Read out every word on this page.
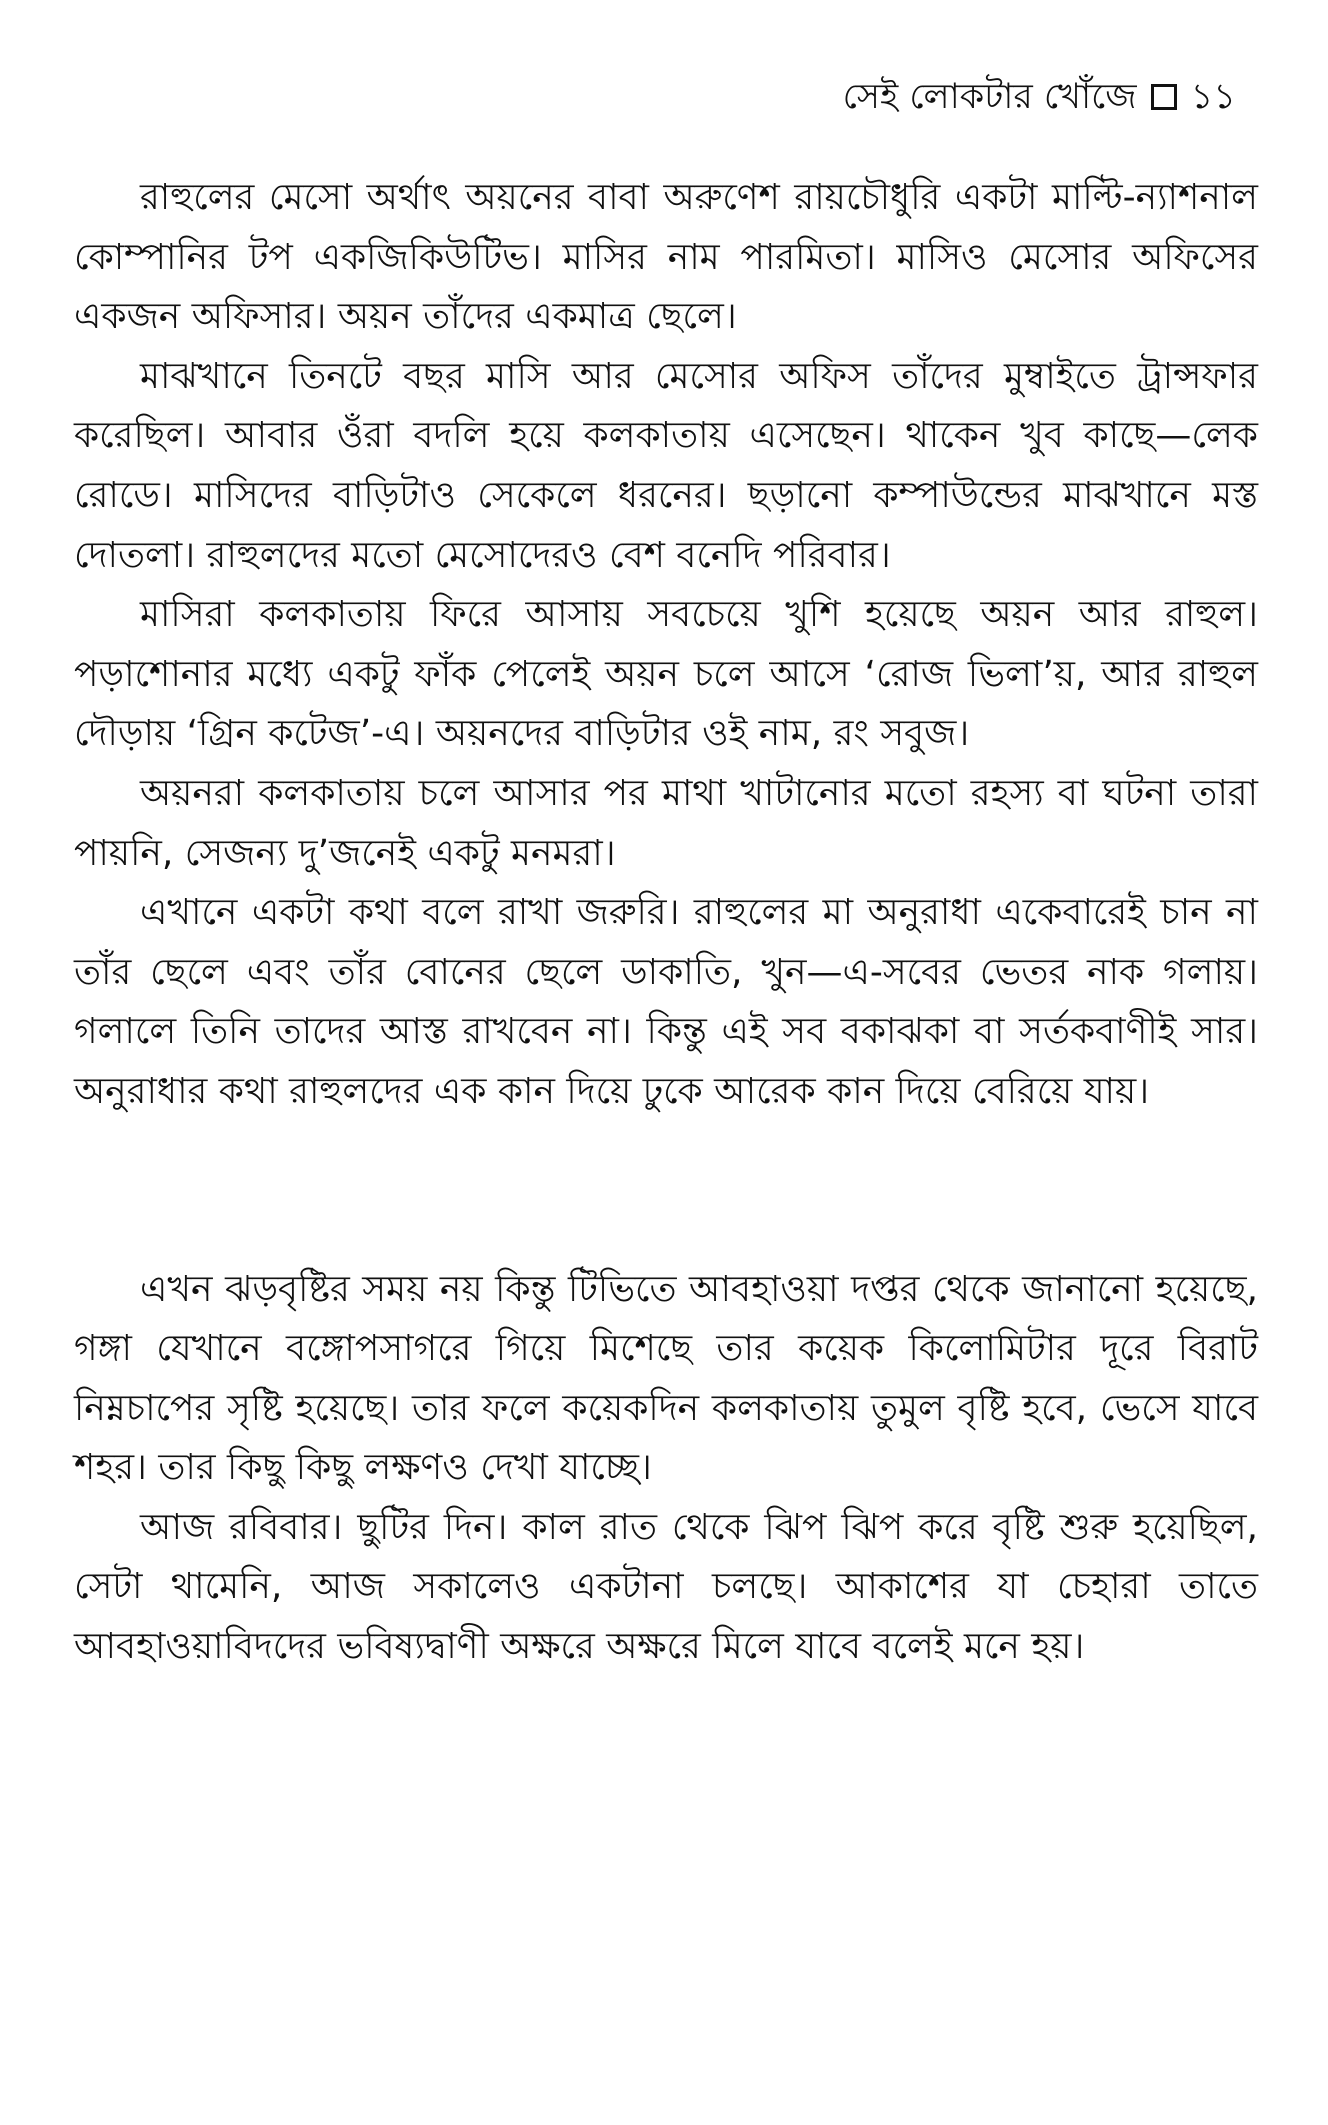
সেই লোকটার খোঁজে ১১

রাহুলের মেসো অর্থাৎ অয়নের বাবা অরুণেশ রায়চৌধুরি একটা মাল্টি-ন্যাশনাল কোম্পানির টপ একজিকিউটিভ। মাসির নাম পারমিতা। মাসিও মেসোর অফিসের একজন অফিসার। অয়ন তাঁদের একমাত্র ছেলে।

মাঝখানে তিনটে বছর মাসি আর মেসোর অফিস তাঁদের মুম্বাইতে ট্রান্সফার করেছিল। আবার ওঁরা বদলি হয়ে কলকাতায় এসেছেন। থাকেন খুব কাছে—লেক রোডে। মাসিদের বাড়িটাও সেকেলে ধরনের। ছড়ানো কম্পাউন্ডের মাঝখানে মস্ত দোতলা। রাহুলদের মতো মেসোদেরও বেশ বনেদি পরিবার।

মাসিরা কলকাতায় ফিরে আসায় সবচেয়ে খুশি হয়েছে অয়ন আর রাহুল। পড়াশোনার মধ্যে একটু ফাঁক পেলেই অয়ন চলে আসে ‘রোজ ভিলা’য়, আর রাহুল দৌড়ায় ‘গ্রিন কটেজ’-এ। অয়নদের বাড়িটার ওই নাম, রং সবুজ।

অয়নরা কলকাতায় চলে আসার পর মাথা খাটানোর মতো রহস্য বা ঘটনা তারা পায়নি, সেজন্য দু’জনেই একটু মনমরা।

এখানে একটা কথা বলে রাখা জরুরি। রাহুলের মা অনুরাধা একেবারেই চান না তাঁর ছেলে এবং তাঁর বোনের ছেলে ডাকাতি, খুন—এ-সবের ভেতর নাক গলায়। গলালে তিনি তাদের আস্ত রাখবেন না। কিন্তু এই সব বকাঝকা বা সর্তকবাণীই সার। অনুরাধার কথা রাহুলদের এক কান দিয়ে ঢুকে আরেক কান দিয়ে বেরিয়ে যায়।

এখন ঝড়বৃষ্টির সময় নয় কিন্তু টিভিতে আবহাওয়া দপ্তর থেকে জানানো হয়েছে, গঙ্গা যেখানে বঙ্গোপসাগরে গিয়ে মিশেছে তার কয়েক কিলোমিটার দূরে বিরাট নিম্নচাপের সৃষ্টি হয়েছে। তার ফলে কয়েকদিন কলকাতায় তুমুল বৃষ্টি হবে, ভেসে যাবে শহর। তার কিছু কিছু লক্ষণও দেখা যাচ্ছে।

আজ রবিবার। ছুটির দিন। কাল রাত থেকে ঝিপ ঝিপ করে বৃষ্টি শুরু হয়েছিল, সেটা থামেনি, আজ সকালেও একটানা চলছে। আকাশের যা চেহারা তাতে আবহাওয়াবিদদের ভবিষ্যদ্বাণী অক্ষরে অক্ষরে মিলে যাবে বলেই মনে হয়।
